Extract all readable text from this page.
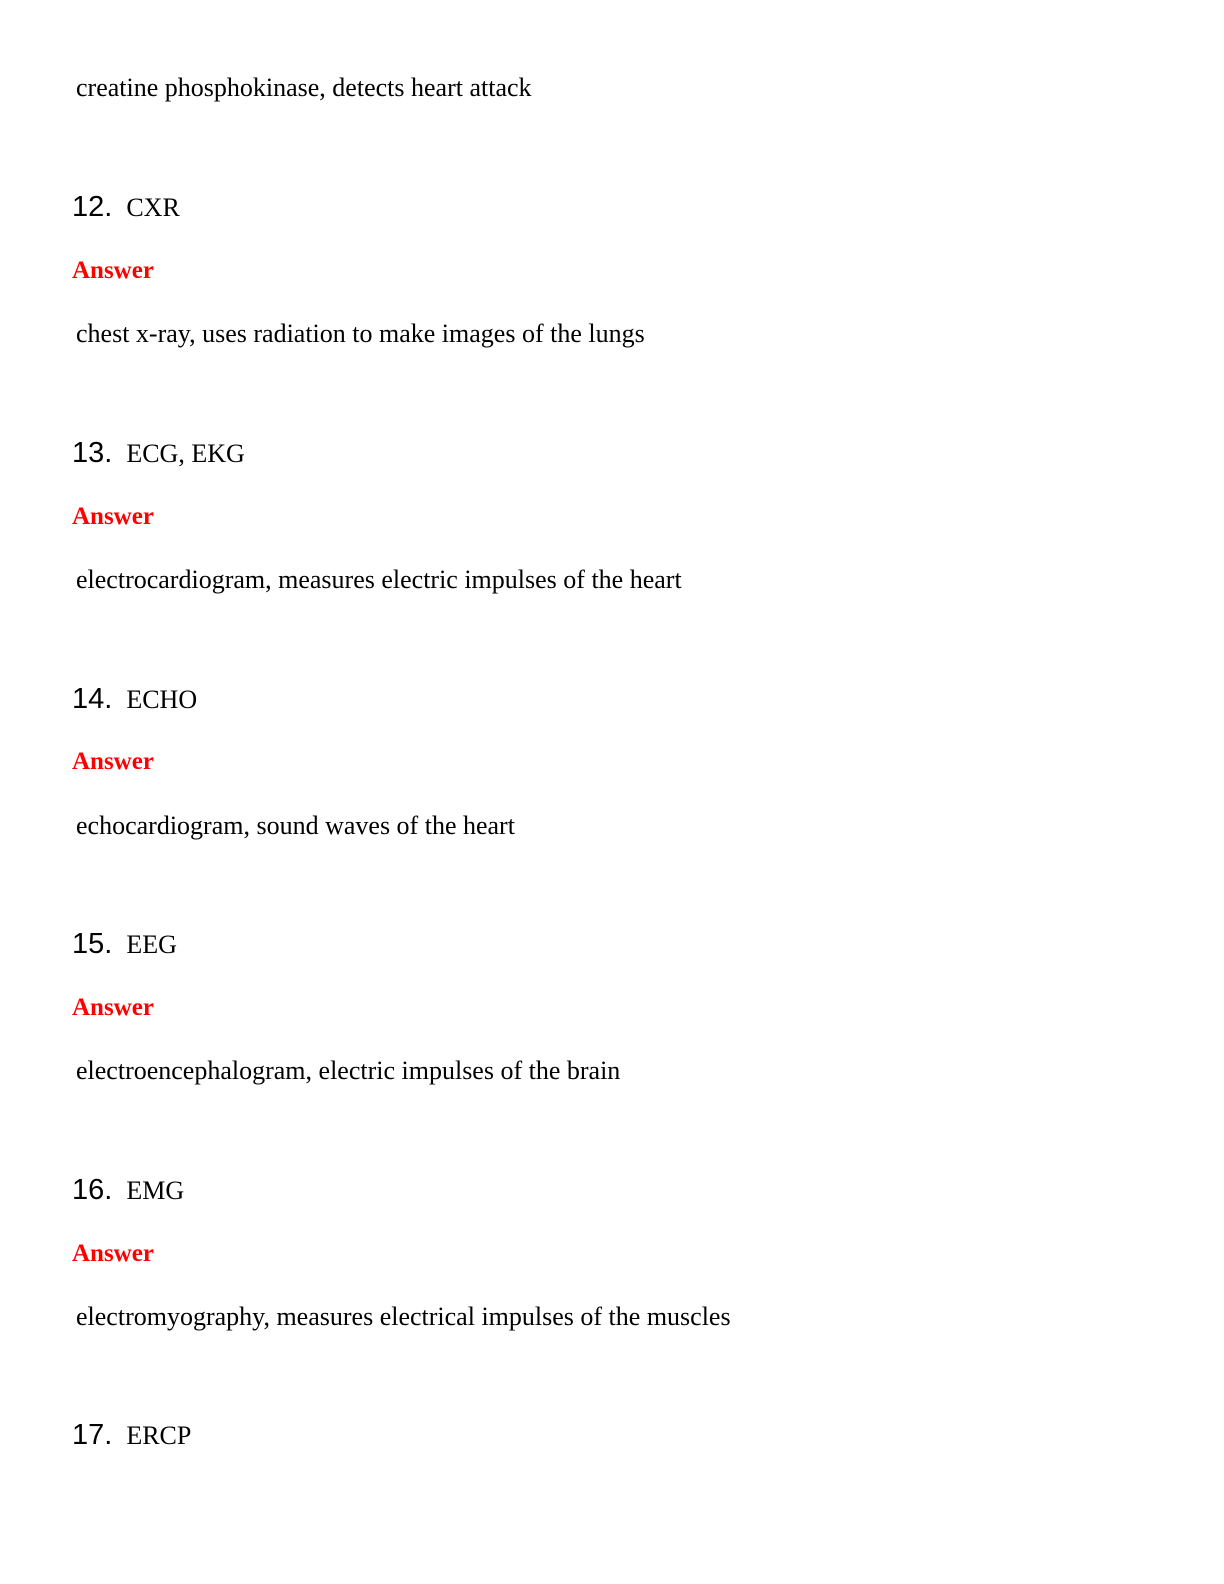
creatine phosphokinase, detects heart attack
12. CXR
Answer
chest x-ray, uses radiation to make images of the lungs
13. ECG, EKG
Answer
electrocardiogram, measures electric impulses of the heart
14. ECHO
Answer
echocardiogram, sound waves of the heart
15. EEG
Answer
electroencephalogram, electric impulses of the brain
16. EMG
Answer
electromyography, measures electrical impulses of the muscles
17. ERCP
